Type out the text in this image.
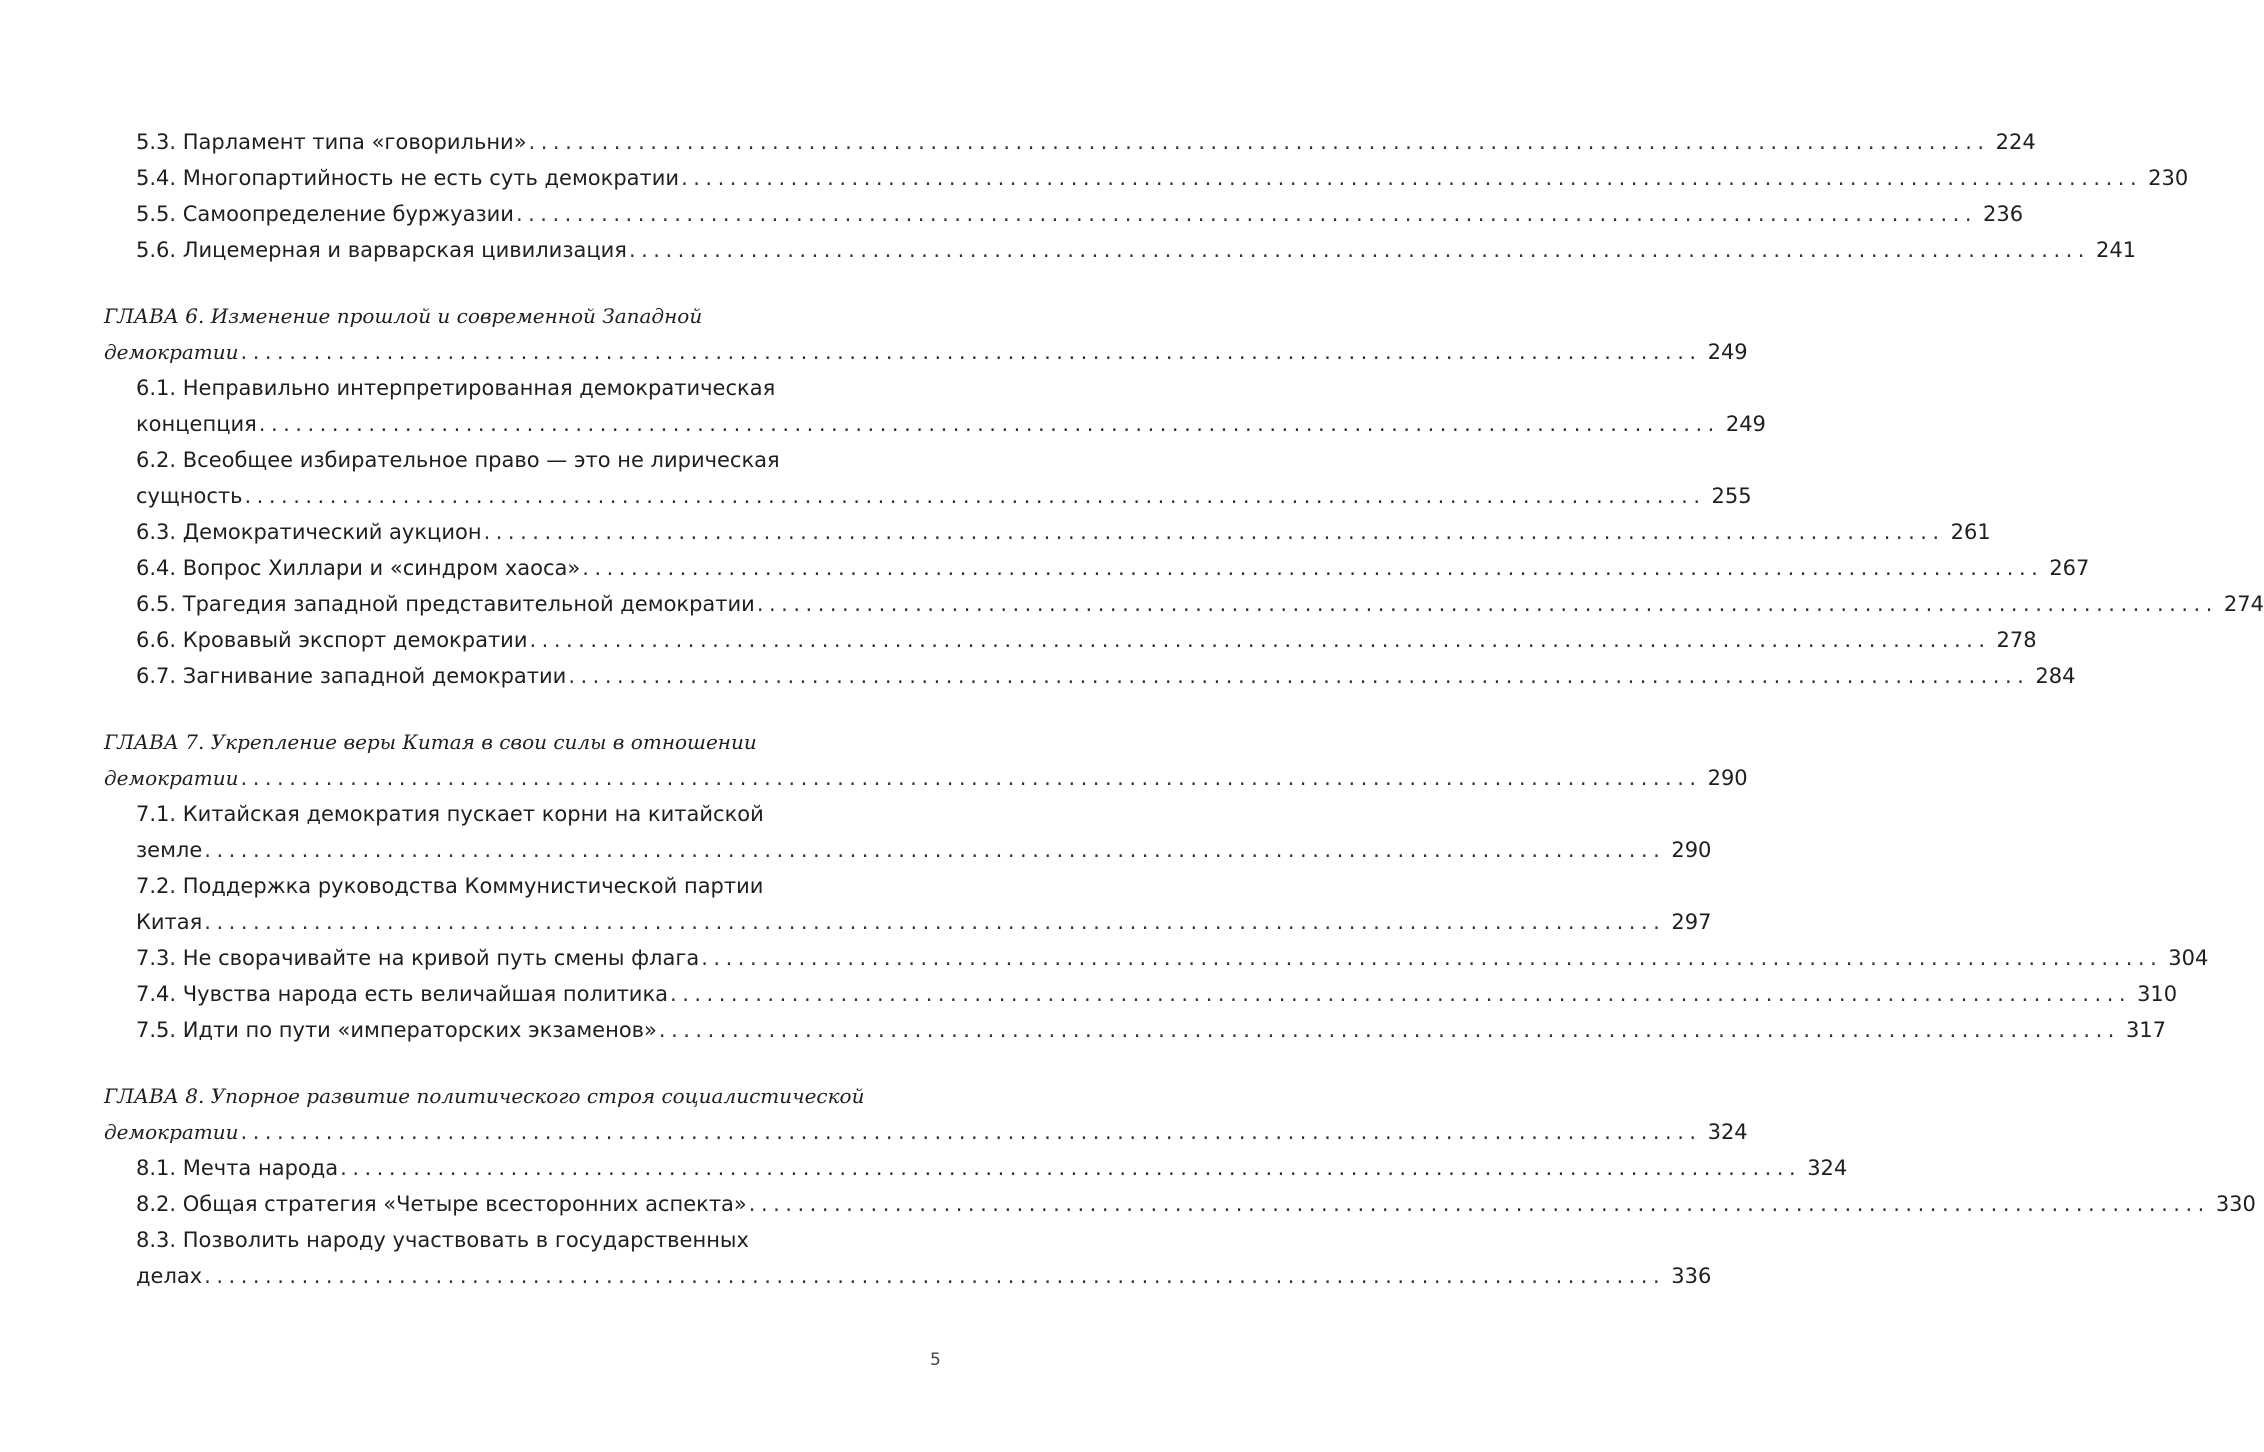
5.3. Парламент типа «говорильни» ........................................................................................................................ 224
5.4. Многопартийность не есть суть демократии ........................................................................................................................ 230
5.5. Самоопределение буржуазии ........................................................................................................................ 236
5.6. Лицемерная и варварская цивилизация ........................................................................................................................ 241
ГЛАВА 6. Изменение прошлой и современной Западной
демократии ........................................................................................................................ 249
6.1. Неправильно интерпретированная демократическая
концепция ........................................................................................................................ 249
6.2. Всеобщее избирательное право — это не лирическая
сущность ........................................................................................................................ 255
6.3. Демократический аукцион ........................................................................................................................ 261
6.4. Вопрос Хиллари и «синдром хаоса» ........................................................................................................................ 267
6.5. Трагедия западной представительной демократии ........................................................................................................................ 274
6.6. Кровавый экспорт демократии ........................................................................................................................ 278
6.7. Загнивание западной демократии ........................................................................................................................ 284
ГЛАВА 7. Укрепление веры Китая в свои силы в отношении
демократии ........................................................................................................................ 290
7.1. Китайская демократия пускает корни на китайской
земле ........................................................................................................................ 290
7.2. Поддержка руководства Коммунистической партии
Китая ........................................................................................................................ 297
7.3. Не сворачивайте на кривой путь смены флага ........................................................................................................................ 304
7.4. Чувства народа есть величайшая политика ........................................................................................................................ 310
7.5. Идти по пути «императорских экзаменов» ........................................................................................................................ 317
ГЛАВА 8. Упорное развитие политического строя социалистической
демократии ........................................................................................................................ 324
8.1. Мечта народа ........................................................................................................................ 324
8.2. Общая стратегия «Четыре всесторонних аспекта» ........................................................................................................................ 330
8.3. Позволить народу участвовать в государственных
делах ........................................................................................................................ 336
5
